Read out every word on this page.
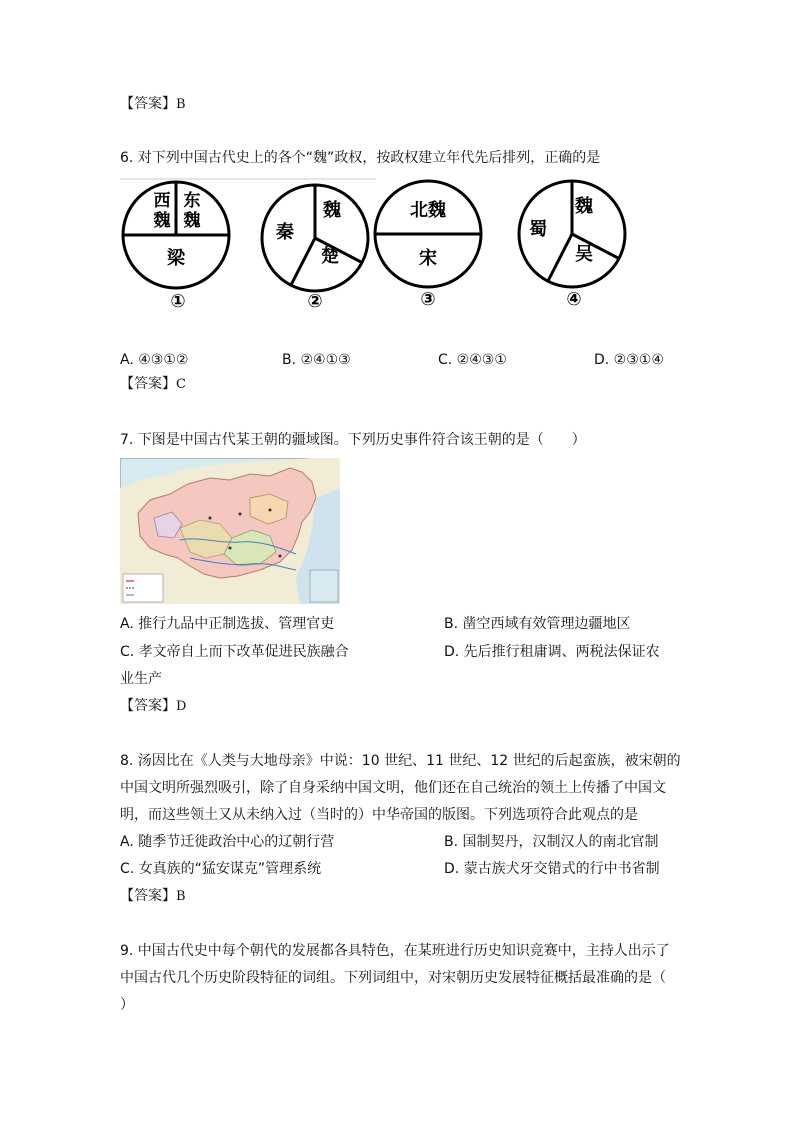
【答案】B
6. 对下列中国古代史上的各个“魏”政权，按政权建立年代先后排列，正确的是
西
魏
东
魏
梁
①
秦
魏
楚
②
北魏
宋
③
蜀
魏
吴
④
A. ④③①②	B. ②④①③	C. ②④③①	D. ②③①④
【答案】C
7. 下图是中国古代某王朝的疆域图。下列历史事件符合该王朝的是（　　）
A. 推行九品中正制选拔、管理官吏	B. 凿空西域有效管理边疆地区
C. 孝文帝自上而下改革促进民族融合	D. 先后推行租庸调、两税法保证农
业生产
【答案】D
8. 汤因比在《人类与大地母亲》中说：10 世纪、11 世纪、12 世纪的后起蛮族，被宋朝的
中国文明所强烈吸引，除了自身采纳中国文明，他们还在自己统治的领土上传播了中国文
明，而这些领土又从未纳入过（当时的）中华帝国的版图。下列选项符合此观点的是
A. 随季节迁徙政治中心的辽朝行营	B. 国制契丹，汉制汉人的南北官制
C. 女真族的“猛安谋克”管理系统	D. 蒙古族犬牙交错式的行中书省制
【答案】B
9. 中国古代史中每个朝代的发展都各具特色，在某班进行历史知识竞赛中，主持人出示了
中国古代几个历史阶段特征的词组。下列词组中，对宋朝历史发展特征概括最准确的是（
）
